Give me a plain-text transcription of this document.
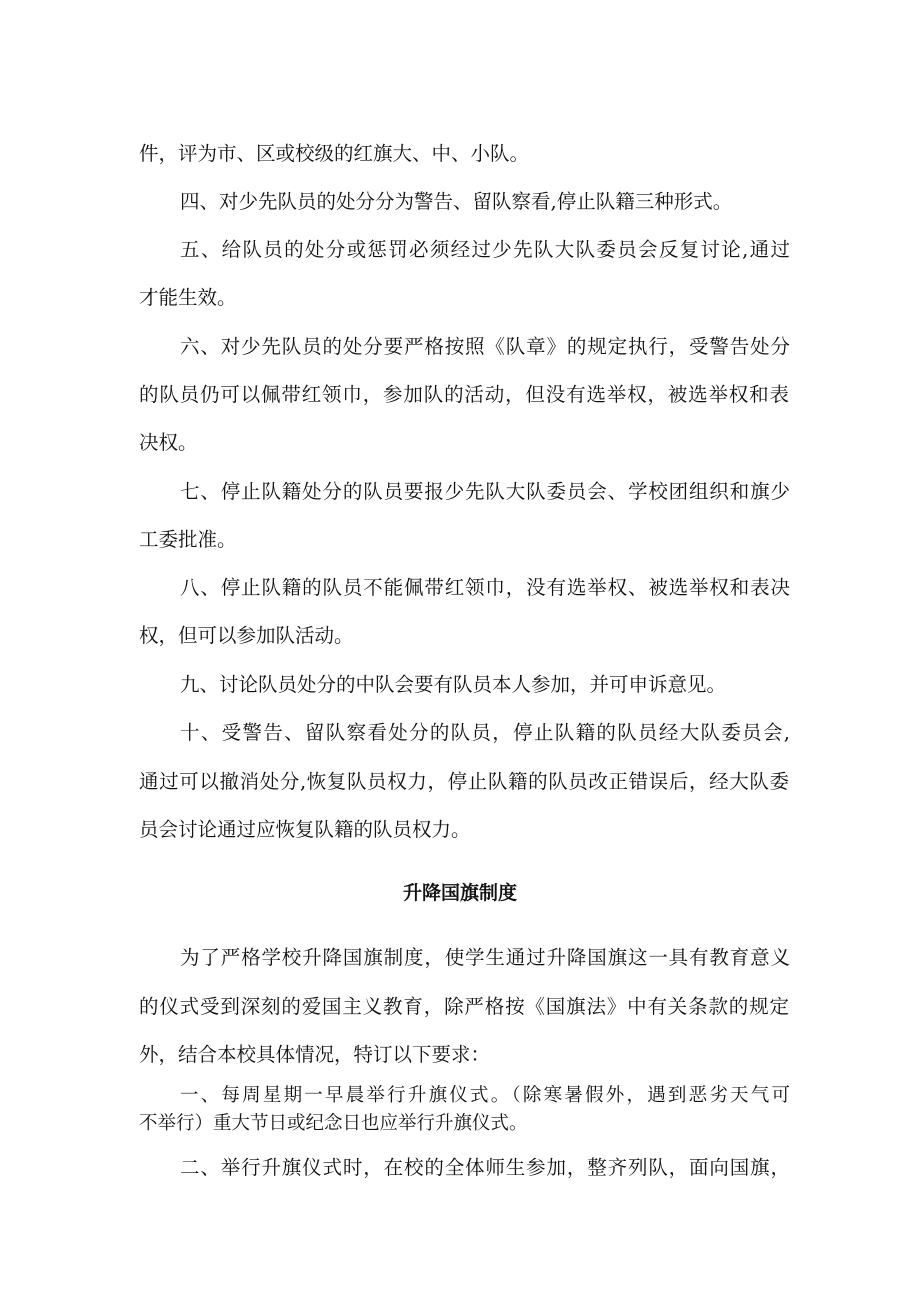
件，评为市、区或校级的红旗大、中、小队。
四、对少先队员的处分分为警告、留队察看,停止队籍三种形式。
五、给队员的处分或惩罚必须经过少先队大队委员会反复讨论,通过
才能生效。
六、对少先队员的处分要严格按照《队章》的规定执行，受警告处分
的队员仍可以佩带红领巾，参加队的活动，但没有选举权，被选举权和表
决权。
七、停止队籍处分的队员要报少先队大队委员会、学校团组织和旗少
工委批准。
八、停止队籍的队员不能佩带红领巾，没有选举权、被选举权和表决
权，但可以参加队活动。
九、讨论队员处分的中队会要有队员本人参加，并可申诉意见。
十、受警告、留队察看处分的队员，停止队籍的队员经大队委员会,
通过可以撤消处分,恢复队员权力，停止队籍的队员改正错误后，经大队委
员会讨论通过应恢复队籍的队员权力。
升降国旗制度
为了严格学校升降国旗制度，使学生通过升降国旗这一具有教育意义
的仪式受到深刻的爱国主义教育，除严格按《国旗法》中有关条款的规定
外，结合本校具体情况，特订以下要求：
一、每周星期一早晨举行升旗仪式。（除寒暑假外，遇到恶劣天气可
不举行）重大节日或纪念日也应举行升旗仪式。
二、举行升旗仪式时，在校的全体师生参加，整齐列队，面向国旗，
